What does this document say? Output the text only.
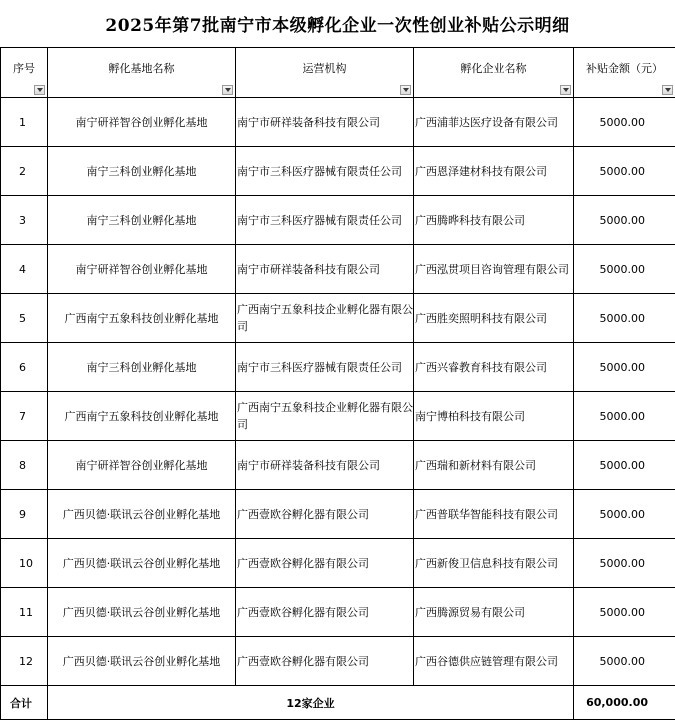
2025年第7批南宁市本级孵化企业一次性创业补贴公示明细
序号	孵化基地名称	运营机构	孵化企业名称	补贴金额（元）

1	南宁研祥智谷创业孵化基地	南宁市研祥装备科技有限公司	广西浦菲达医疗设备有限公司	5000.00
2	南宁三科创业孵化基地	南宁市三科医疗器械有限责任公司	广西恩泽建材科技有限公司	5000.00
3	南宁三科创业孵化基地	南宁市三科医疗器械有限责任公司	广西腾晔科技有限公司	5000.00
4	南宁研祥智谷创业孵化基地	南宁市研祥装备科技有限公司	广西泓贯项目咨询管理有限公司	5000.00
5	广西南宁五象科技创业孵化基地	广西南宁五象科技企业孵化器有限公司	广西胜奕照明科技有限公司	5000.00
6	南宁三科创业孵化基地	南宁市三科医疗器械有限责任公司	广西兴睿教育科技有限公司	5000.00
7	广西南宁五象科技创业孵化基地	广西南宁五象科技企业孵化器有限公司	南宁博柏科技有限公司	5000.00
8	南宁研祥智谷创业孵化基地	南宁市研祥装备科技有限公司	广西瑞和新材料有限公司	5000.00
9	广西贝德·联讯云谷创业孵化基地	广西壹欧谷孵化器有限公司	广西普联华智能科技有限公司	5000.00
10	广西贝德·联讯云谷创业孵化基地	广西壹欧谷孵化器有限公司	广西新俊卫信息科技有限公司	5000.00
11	广西贝德·联讯云谷创业孵化基地	广西壹欧谷孵化器有限公司	广西腾源贸易有限公司	5000.00
12	广西贝德·联讯云谷创业孵化基地	广西壹欧谷孵化器有限公司	广西谷德供应链管理有限公司	5000.00
合计	12家企业			60,000.00
